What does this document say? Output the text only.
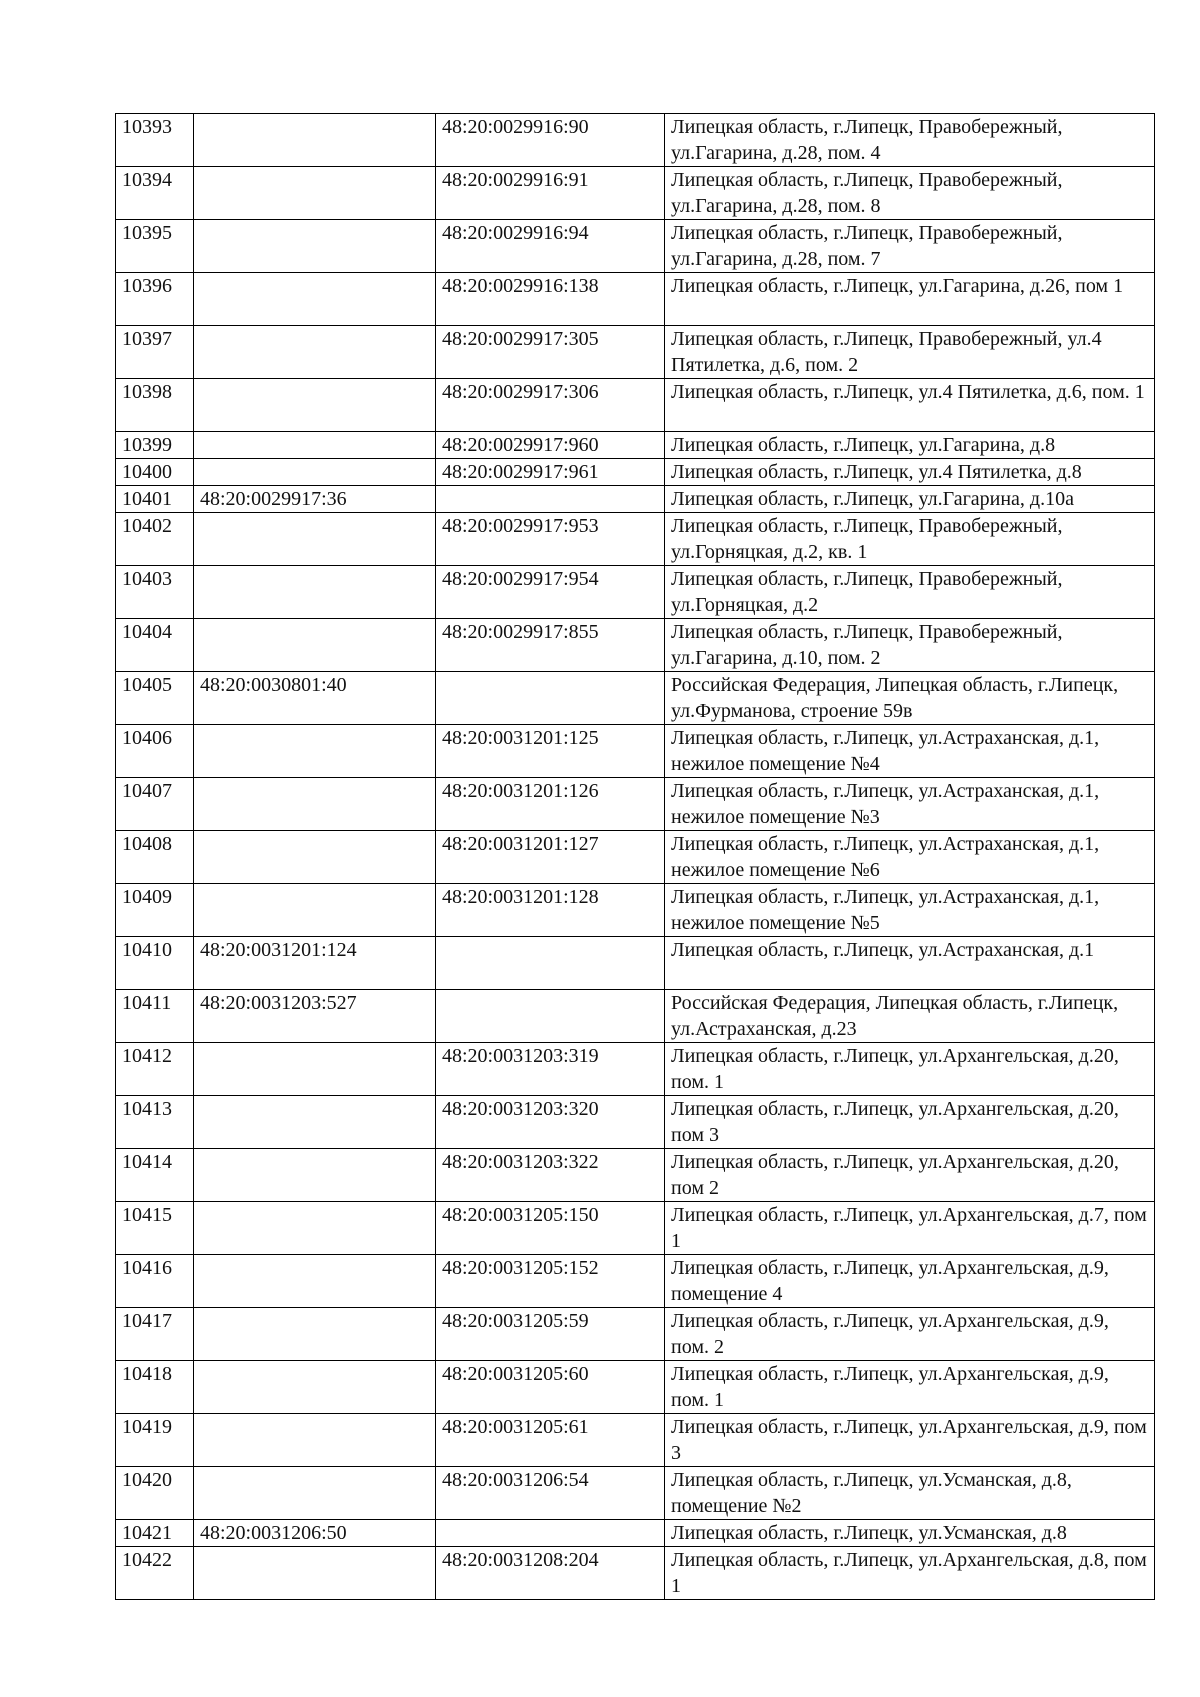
10393		48:20:0029916:90	Липецкая область, г.Липецк, Правобережный, ул.Гагарина, д.28, пом. 4
10394		48:20:0029916:91	Липецкая область, г.Липецк, Правобережный, ул.Гагарина, д.28, пом. 8
10395		48:20:0029916:94	Липецкая область, г.Липецк, Правобережный, ул.Гагарина, д.28, пом. 7
10396		48:20:0029916:138	Липецкая область, г.Липецк, ул.Гагарина, д.26, пом 1
10397		48:20:0029917:305	Липецкая область, г.Липецк, Правобережный, ул.4 Пятилетка, д.6, пом. 2
10398		48:20:0029917:306	Липецкая область, г.Липецк, ул.4 Пятилетка, д.6, пом. 1
10399		48:20:0029917:960	Липецкая область, г.Липецк, ул.Гагарина, д.8
10400		48:20:0029917:961	Липецкая область, г.Липецк, ул.4 Пятилетка, д.8
10401	48:20:0029917:36		Липецкая область, г.Липецк, ул.Гагарина, д.10а
10402		48:20:0029917:953	Липецкая область, г.Липецк, Правобережный, ул.Горняцкая, д.2, кв. 1
10403		48:20:0029917:954	Липецкая область, г.Липецк, Правобережный, ул.Горняцкая, д.2
10404		48:20:0029917:855	Липецкая область, г.Липецк, Правобережный, ул.Гагарина, д.10, пом. 2
10405	48:20:0030801:40		Российская Федерация, Липецкая область, г.Липецк, ул.Фурманова, строение 59в
10406		48:20:0031201:125	Липецкая область, г.Липецк, ул.Астраханская, д.1, нежилое помещение №4
10407		48:20:0031201:126	Липецкая область, г.Липецк, ул.Астраханская, д.1, нежилое помещение №3
10408		48:20:0031201:127	Липецкая область, г.Липецк, ул.Астраханская, д.1, нежилое помещение №6
10409		48:20:0031201:128	Липецкая область, г.Липецк, ул.Астраханская, д.1, нежилое помещение №5
10410	48:20:0031201:124		Липецкая область, г.Липецк, ул.Астраханская, д.1
10411	48:20:0031203:527		Российская Федерация, Липецкая область, г.Липецк, ул.Астраханская, д.23
10412		48:20:0031203:319	Липецкая область, г.Липецк, ул.Архангельская, д.20, пом. 1
10413		48:20:0031203:320	Липецкая область, г.Липецк, ул.Архангельская, д.20, пом 3
10414		48:20:0031203:322	Липецкая область, г.Липецк, ул.Архангельская, д.20, пом 2
10415		48:20:0031205:150	Липецкая область, г.Липецк, ул.Архангельская, д.7, пом 1
10416		48:20:0031205:152	Липецкая область, г.Липецк, ул.Архангельская, д.9, помещение 4
10417		48:20:0031205:59	Липецкая область, г.Липецк, ул.Архангельская, д.9, пом. 2
10418		48:20:0031205:60	Липецкая область, г.Липецк, ул.Архангельская, д.9, пом. 1
10419		48:20:0031205:61	Липецкая область, г.Липецк, ул.Архангельская, д.9, пом 3
10420		48:20:0031206:54	Липецкая область, г.Липецк, ул.Усманская, д.8, помещение №2
10421	48:20:0031206:50		Липецкая область, г.Липецк, ул.Усманская, д.8
10422		48:20:0031208:204	Липецкая область, г.Липецк, ул.Архангельская, д.8, пом 1
